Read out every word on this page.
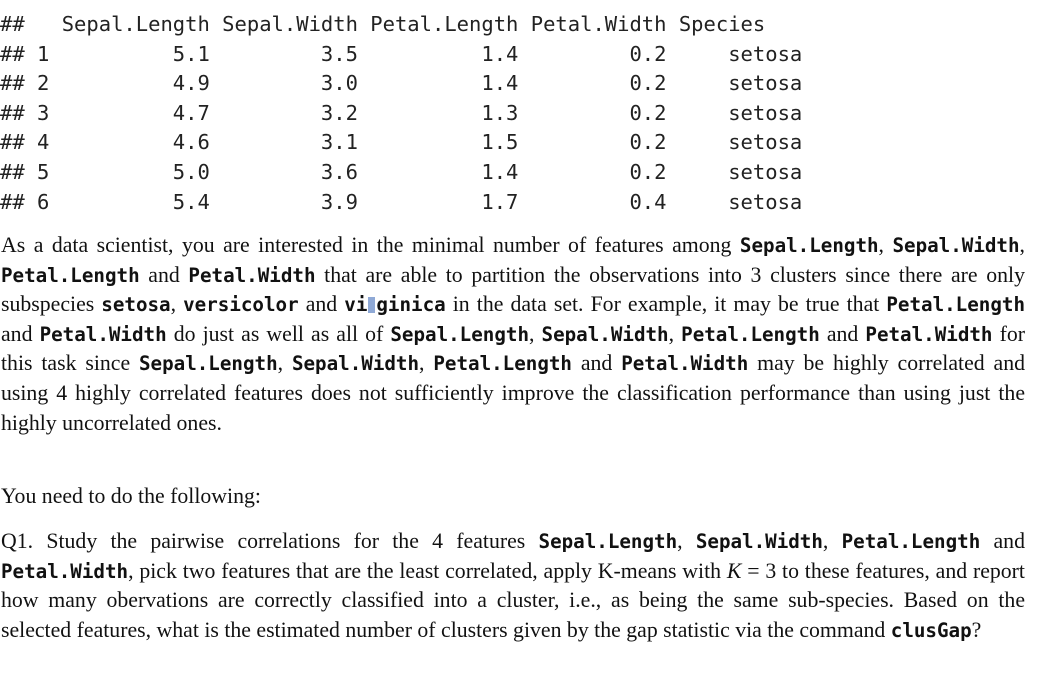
##   Sepal.Length Sepal.Width Petal.Length Petal.Width Species
## 1          5.1         3.5          1.4         0.2     setosa
## 2          4.9         3.0          1.4         0.2     setosa
## 3          4.7         3.2          1.3         0.2     setosa
## 4          4.6         3.1          1.5         0.2     setosa
## 5          5.0         3.6          1.4         0.2     setosa
## 6          5.4         3.9          1.7         0.4     setosa

As a data scientist, you are interested in the minimal number of features among Sepal.Length, Sepal.Width, Petal.Length and Petal.Width that are able to partition the observations into 3 clusters since there are only subspecies setosa, versicolor and vi ginica in the data set. For example, it may be true that Petal.Length and Petal.Width do just as well as all of Sepal.Length, Sepal.Width, Petal.Length and Petal.Width for this task since Sepal.Length, Sepal.Width, Petal.Length and Petal.Width may be highly correlated and using 4 highly correlated features does not sufficiently improve the classification performance than using just the highly uncorrelated ones.

You need to do the following:

Q1. Study the pairwise correlations for the 4 features Sepal.Length, Sepal.Width, Petal.Length and Petal.Width, pick two features that are the least correlated, apply K-means with K = 3 to these features, and report how many obervations are correctly classified into a cluster, i.e., as being the same sub-species. Based on the selected features, what is the estimated number of clusters given by the gap statistic via the command clusGap?
